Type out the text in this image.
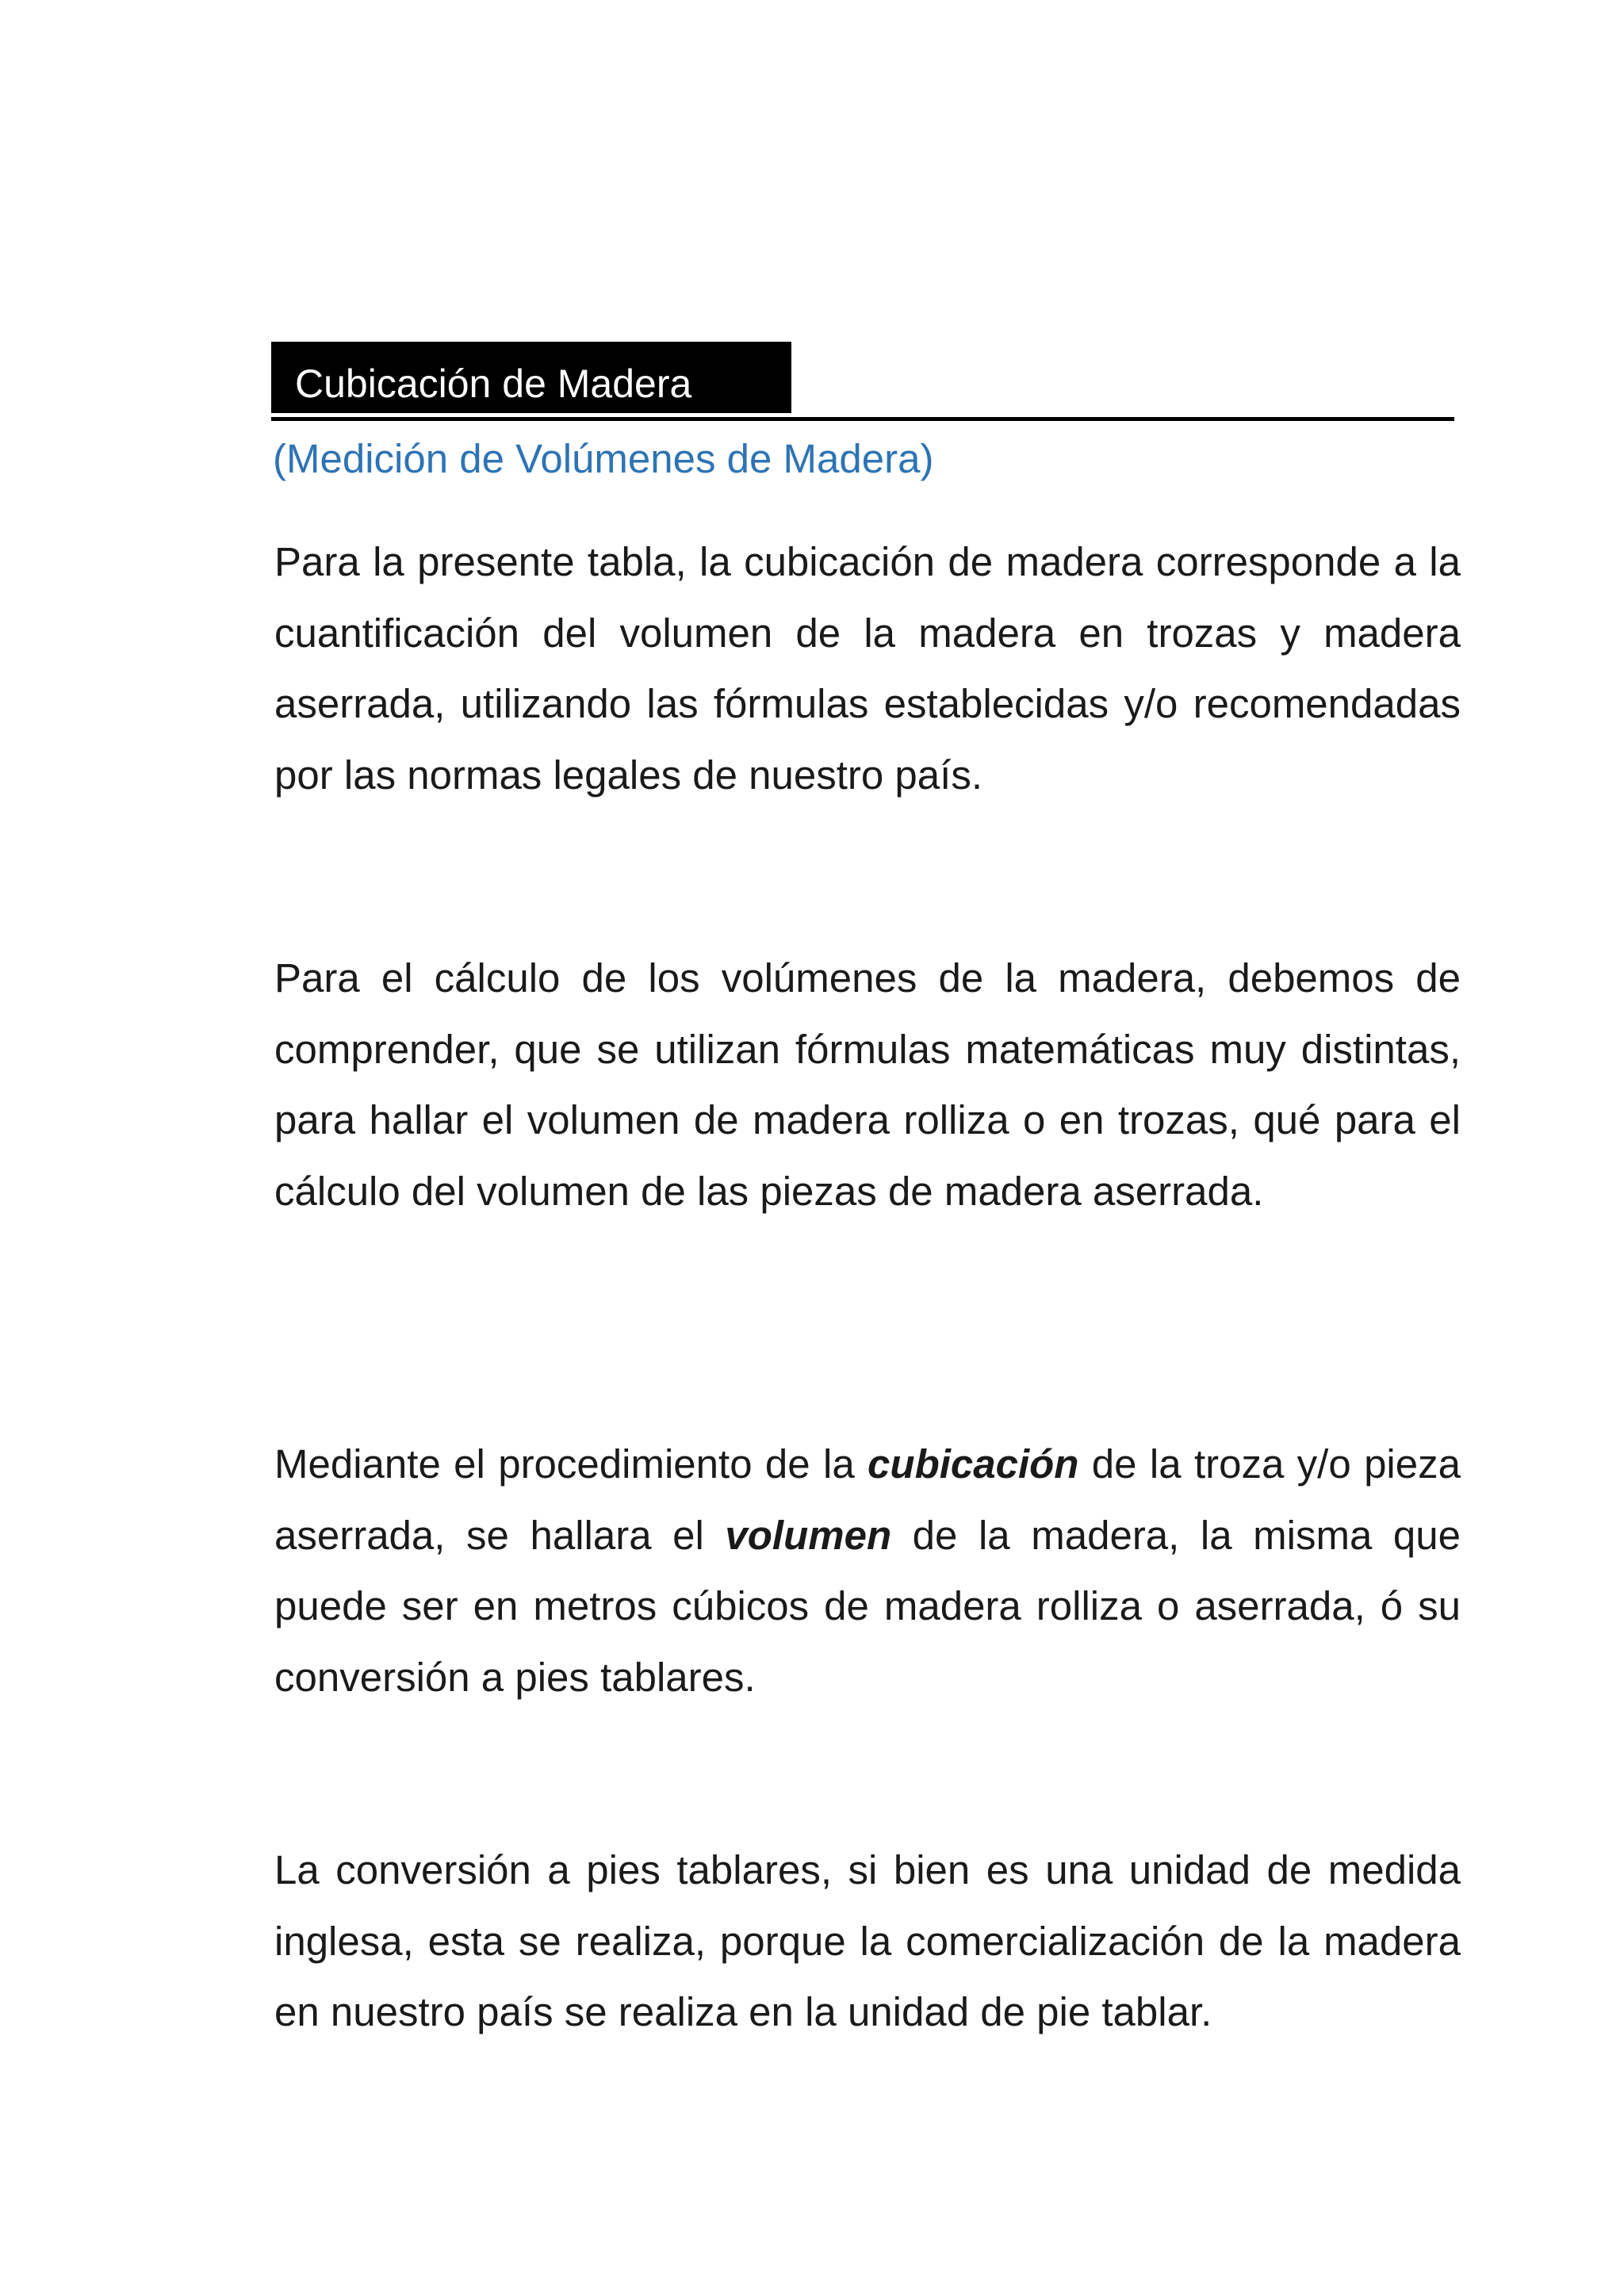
Cubicación de Madera
(Medición de Volúmenes de Madera)

Para la presente tabla, la cubicación de madera corresponde a la cuantificación del volumen de la madera en trozas y madera aserrada, utilizando las fórmulas establecidas y/o recomendadas por las normas legales de nuestro país.

Para el cálculo de los volúmenes de la madera, debemos de comprender, que se utilizan fórmulas matemáticas muy distintas, para hallar el volumen de madera rolliza o en trozas, qué para el cálculo del volumen de las piezas de madera aserrada.

Mediante el procedimiento de la cubicación de la troza y/o pieza aserrada, se hallara el volumen de la madera, la misma que puede ser en metros cúbicos de madera rolliza o aserrada, ó su conversión a pies tablares.

La conversión a pies tablares, si bien es una unidad de medida inglesa, esta se realiza, porque la comercialización de la madera en nuestro país se realiza en la unidad de pie tablar.
